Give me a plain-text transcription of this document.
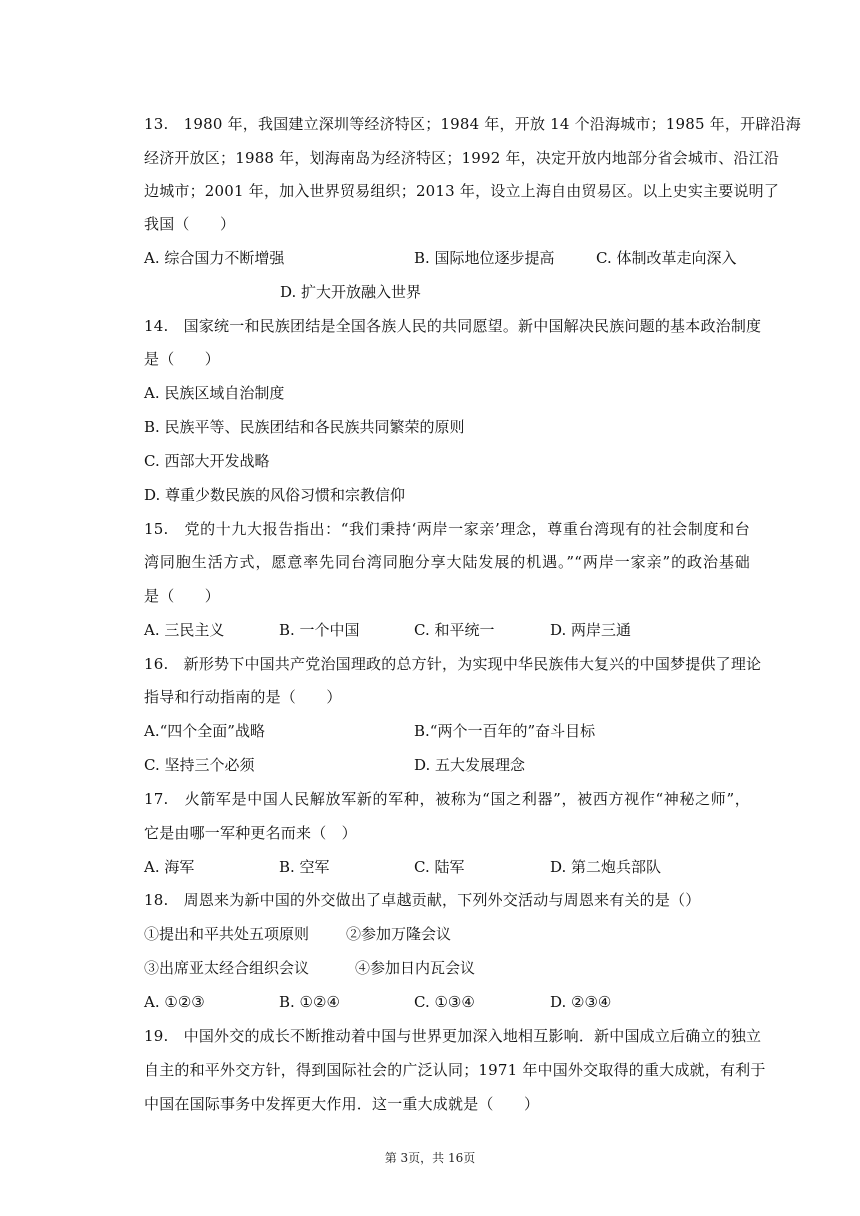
13.　1980 年，我国建立深圳等经济特区；1984 年，开放 14 个沿海城市；1985 年，开辟沿海
经济开放区；1988 年，划海南岛为经济特区；1992 年，决定开放内地部分省会城市、沿江沿
边城市；2001 年，加入世界贸易组织；2013 年，设立上海自由贸易区。以上史实主要说明了
我国（　　）
A. 综合国力不断增强	B. 国际地位逐步提高	C. 体制改革走向深入
D. 扩大开放融入世界
14.　国家统一和民族团结是全国各族人民的共同愿望。新中国解决民族问题的基本政治制度
是（　　）
A. 民族区域自治制度
B. 民族平等、民族团结和各民族共同繁荣的原则
C. 西部大开发战略
D. 尊重少数民族的风俗习惯和宗教信仰
15.　党的十九大报告指出：“我们秉持‘两岸一家亲’理念，尊重台湾现有的社会制度和台
湾同胞生活方式，愿意率先同台湾同胞分享大陆发展的机遇。”“两岸一家亲”的政治基础
是（　　）
A. 三民主义	B. 一个中国	C. 和平统一	D. 两岸三通
16.　新形势下中国共产党治国理政的总方针，为实现中华民族伟大复兴的中国梦提供了理论
指导和行动指南的是（　　）
A.“四个全面”战略	B.“两个一百年的”奋斗目标
C. 坚持三个必须	D. 五大发展理念
17.　火箭军是中国人民解放军新的军种，被称为“国之利器”，被西方视作“神秘之师”，
它是由哪一军种更名而来（　）
A. 海军	B. 空军	C. 陆军	D. 第二炮兵部队
18.　周恩来为新中国的外交做出了卓越贡献，下列外交活动与周恩来有关的是（）
①提出和平共处五项原则 ②参加万隆会议
③出席亚太经合组织会议	④参加日内瓦会议
A. ①②③	B. ①②④	C. ①③④	D. ②③④
19.　中国外交的成长不断推动着中国与世界更加深入地相互影响．新中国成立后确立的独立
自主的和平外交方针，得到国际社会的广泛认同；1971 年中国外交取得的重大成就，有利于
中国在国际事务中发挥更大作用．这一重大成就是（　　）
第 3页，共 16页
